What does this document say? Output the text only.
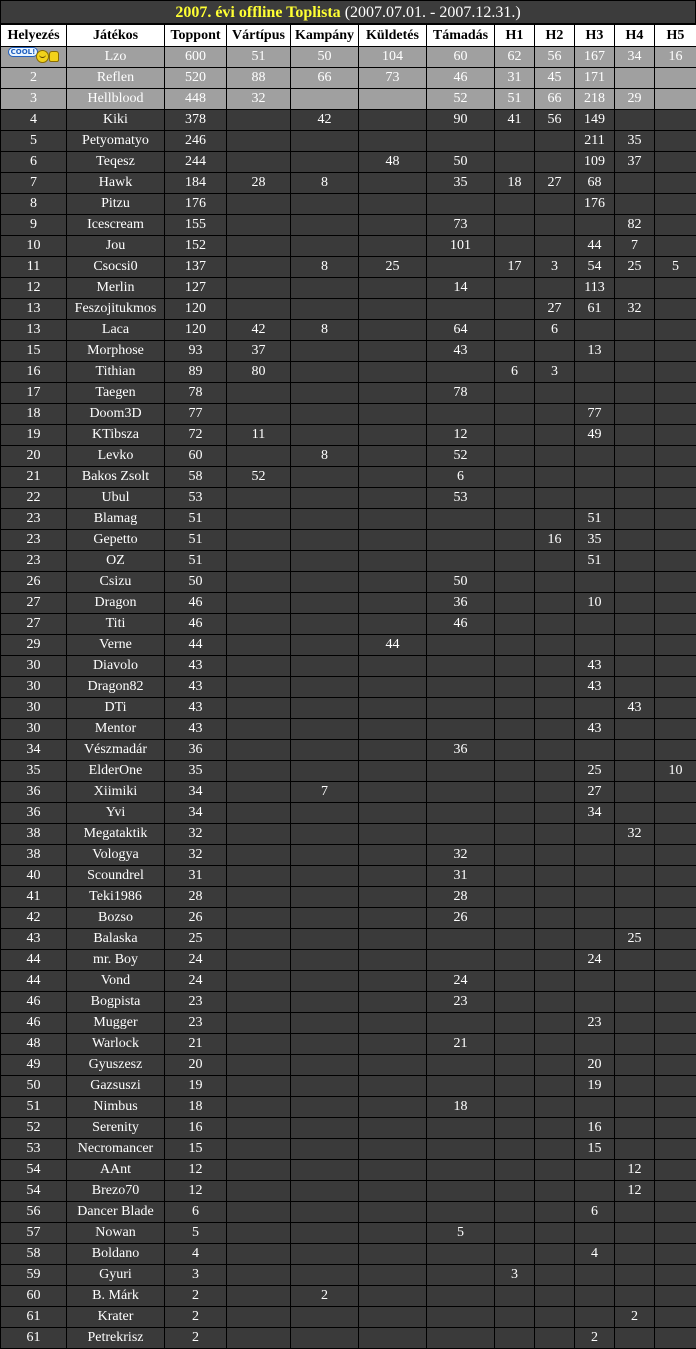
2007. évi offline Toplista (2007.07.01. - 2007.12.31.)
Helyezés	Játékos	Toppont	Vártípus	Kampány	Küldetés	Támadás	H1	H2	H3	H4	H5
COOL!	Lzo	600	51	50	104	60	62	56	167	34	16
2	Reflen	520	88	66	73	46	31	45	171		
3	Hellblood	448	32			52	51	66	218	29	
4	Kiki	378		42		90	41	56	149		
5	Petyomatyo	246							211	35	
6	Teqesz	244			48	50			109	37	
7	Hawk	184	28	8		35	18	27	68		
8	Pitzu	176							176		
9	Icescream	155				73				82	
10	Jou	152				101			44	7	
11	Csocsi0	137		8	25		17	3	54	25	5
12	Merlin	127				14			113		
13	Feszojitukmos	120						27	61	32	
13	Laca	120	42	8		64		6			
15	Morphose	93	37			43			13		
16	Tithian	89	80				6	3			
17	Taegen	78				78					
18	Doom3D	77							77		
19	KTibsza	72	11			12			49		
20	Levko	60		8		52					
21	Bakos Zsolt	58	52			6					
22	Ubul	53				53					
23	Blamag	51							51		
23	Gepetto	51						16	35		
23	OZ	51							51		
26	Csizu	50				50					
27	Dragon	46				36			10		
27	Titi	46				46					
29	Verne	44			44						
30	Diavolo	43							43		
30	Dragon82	43							43		
30	DTi	43								43	
30	Mentor	43							43		
34	Vészmadár	36				36					
35	ElderOne	35							25		10
36	Xiimiki	34		7					27		
36	Yvi	34							34		
38	Megataktik	32								32	
38	Vologya	32				32					
40	Scoundrel	31				31					
41	Teki1986	28				28					
42	Bozso	26				26					
43	Balaska	25								25	
44	mr. Boy	24							24		
44	Vond	24				24					
46	Bogpista	23				23					
46	Mugger	23							23		
48	Warlock	21				21					
49	Gyuszesz	20							20		
50	Gazsuszi	19							19		
51	Nimbus	18				18					
52	Serenity	16							16		
53	Necromancer	15							15		
54	AAnt	12								12	
54	Brezo70	12								12	
56	Dancer Blade	6							6		
57	Nowan	5				5					
58	Boldano	4							4		
59	Gyuri	3					3				
60	B. Márk	2		2							
61	Krater	2								2	
61	Petrekrisz	2							2		
